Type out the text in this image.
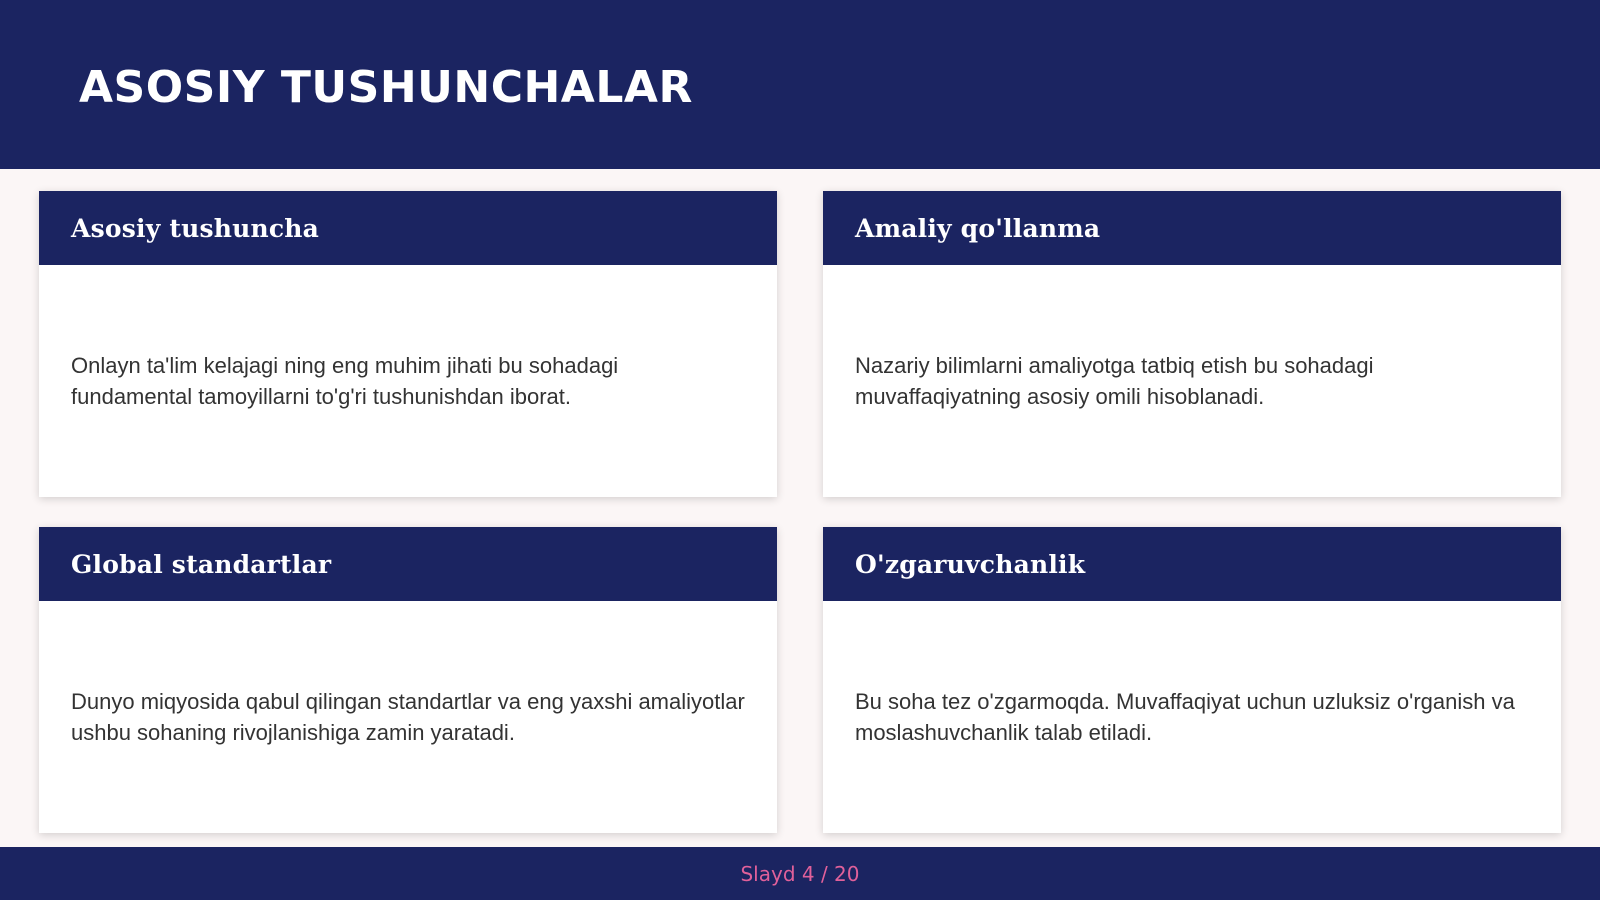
ASOSIY TUSHUNCHALAR
Asosiy tushuncha

Onlayn ta'lim kelajagi ning eng muhim jihati bu sohadagi fundamental tamoyillarni to'g'ri tushunishdan iborat.

Amaliy qo'llanma

Nazariy bilimlarni amaliyotga tatbiq etish bu sohadagi muvaffaqiyatning asosiy omili hisoblanadi.

Global standartlar

Dunyo miqyosida qabul qilingan standartlar va eng yaxshi amaliyotlar ushbu sohaning rivojlanishiga zamin yaratadi.

O'zgaruvchanlik

Bu soha tez o'zgarmoqda. Muvaffaqiyat uchun uzluksiz o'rganish va moslashuvchanlik talab etiladi.

Slayd 4 / 20
